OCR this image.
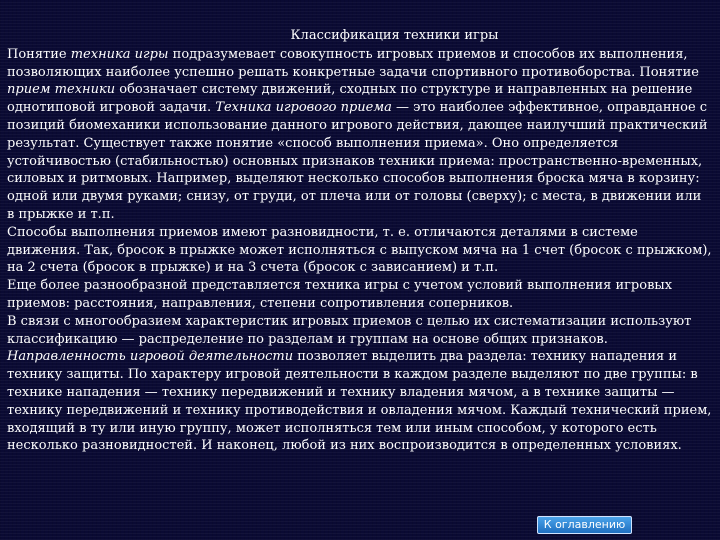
Классификация техники игры

Понятие техника игры подразумевает совокупность игровых приемов и способов их выполнения, позволяющих наиболее успешно решать конкретные задачи спортивного противоборства. Понятие прием техники обозначает систему движений, сходных по структуре и направленных на решение однотиповой игровой задачи. Техника игрового приема — это наиболее эффективное, оправданное с позиций биомеханики использование данного игрового действия, дающее наилучший практический результат. Существует также понятие «способ выполнения приема». Оно определяется устойчивостью (стабильностью) основных признаков техники приема: пространственно-временных, силовых и ритмовых. Например, выделяют несколько способов выполнения броска мяча в корзину: одной или двумя руками; снизу, от груди, от плеча или от головы (сверху); с места, в движении или в прыжке и т.п.

Способы выполнения приемов имеют разновидности, т. е. отличаются деталями в системе движения. Так, бросок в прыжке может исполняться с выпуском мяча на 1 счет (бросок с прыжком), на 2 счета (бросок в прыжке) и на 3 счета (бросок с зависанием) и т.п.

Еще более разнообразной представляется техника игры с учетом условий выполнения игровых приемов: расстояния, направления, степени сопротивления соперников.

В связи с многообразием характеристик игровых приемов с целью их систематизации используют классификацию — распределение по разделам и группам на основе общих признаков.

Направленность игровой деятельности позволяет выделить два раздела: технику нападения и технику защиты. По характеру игровой деятельности в каждом разделе выделяют по две группы: в технике нападения — технику передвижений и технику владения мячом, а в технике защиты — технику передвижений и технику противодействия и овладения мячом. Каждый технический прием, входящий в ту или иную группу, может исполняться тем или иным способом, у которого есть несколько разновидностей. И наконец, любой из них воспроизводится в определенных условиях.

К оглавлению
